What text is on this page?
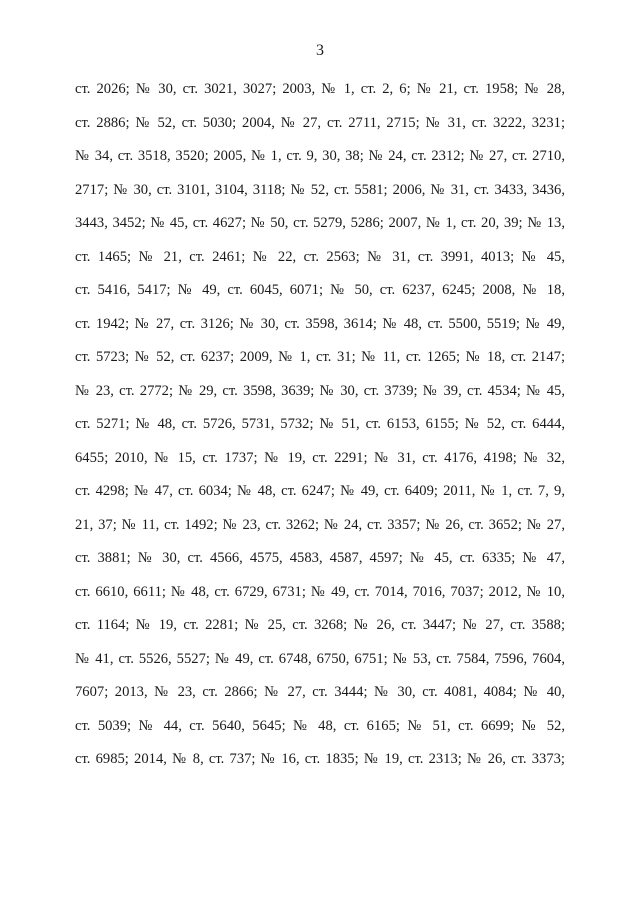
3
ст. 2026; № 30, ст. 3021, 3027; 2003, № 1, ст. 2, 6; № 21, ст. 1958; № 28,
ст. 2886; № 52, ст. 5030; 2004, № 27, ст. 2711, 2715; № 31, ст. 3222, 3231;
№ 34, ст. 3518, 3520; 2005, № 1, ст. 9, 30, 38; № 24, ст. 2312; № 27, ст. 2710,
2717; № 30, ст. 3101, 3104, 3118; № 52, ст. 5581; 2006, № 31, ст. 3433, 3436,
3443, 3452; № 45, ст. 4627; № 50, ст. 5279, 5286; 2007, № 1, ст. 20, 39; № 13,
ст. 1465; № 21, ст. 2461; № 22, ст. 2563; № 31, ст. 3991, 4013; № 45,
ст. 5416, 5417; № 49, ст. 6045, 6071; № 50, ст. 6237, 6245; 2008, № 18,
ст. 1942; № 27, ст. 3126; № 30, ст. 3598, 3614; № 48, ст. 5500, 5519; № 49,
ст. 5723; № 52, ст. 6237; 2009, № 1, ст. 31; № 11, ст. 1265; № 18, ст. 2147;
№ 23, ст. 2772; № 29, ст. 3598, 3639; № 30, ст. 3739; № 39, ст. 4534; № 45,
ст. 5271; № 48, ст. 5726, 5731, 5732; № 51, ст. 6153, 6155; № 52, ст. 6444,
6455; 2010, № 15, ст. 1737; № 19, ст. 2291; № 31, ст. 4176, 4198; № 32,
ст. 4298; № 47, ст. 6034; № 48, ст. 6247; № 49, ст. 6409; 2011, № 1, ст. 7, 9,
21, 37; № 11, ст. 1492; № 23, ст. 3262; № 24, ст. 3357; № 26, ст. 3652; № 27,
ст. 3881; № 30, ст. 4566, 4575, 4583, 4587, 4597; № 45, ст. 6335; № 47,
ст. 6610, 6611; № 48, ст. 6729, 6731; № 49, ст. 7014, 7016, 7037; 2012, № 10,
ст. 1164; № 19, ст. 2281; № 25, ст. 3268; № 26, ст. 3447; № 27, ст. 3588;
№ 41, ст. 5526, 5527; № 49, ст. 6748, 6750, 6751; № 53, ст. 7584, 7596, 7604,
7607; 2013, № 23, ст. 2866; № 27, ст. 3444; № 30, ст. 4081, 4084; № 40,
ст. 5039; № 44, ст. 5640, 5645; № 48, ст. 6165; № 51, ст. 6699; № 52,
ст. 6985; 2014, № 8, ст. 737; № 16, ст. 1835; № 19, ст. 2313; № 26, ст. 3373;
